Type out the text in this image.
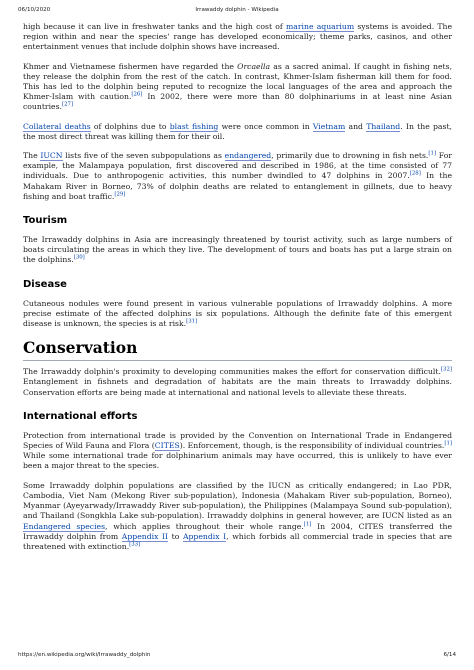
06/10/2020	Irrawaddy dolphin - Wikipedia

high because it can live in freshwater tanks and the high cost of marine aquarium systems is avoided. The region within and near the species' range has developed economically; theme parks, casinos, and other entertainment venues that include dolphin shows have increased.

Khmer and Vietnamese fishermen have regarded the Orcaella as a sacred animal. If caught in fishing nets, they release the dolphin from the rest of the catch. In contrast, Khmer-Islam fisherman kill them for food. This has led to the dolphin being reputed to recognize the local languages of the area and approach the Khmer-Islam with caution.[26] In 2002, there were more than 80 dolphinariums in at least nine Asian countries.[27]

Collateral deaths of dolphins due to blast fishing were once common in Vietnam and Thailand. In the past, the most direct threat was killing them for their oil.

The IUCN lists five of the seven subpopulations as endangered, primarily due to drowning in fish nets.[1] For example, the Malampaya population, first discovered and described in 1986, at the time consisted of 77 individuals. Due to anthropogenic activities, this number dwindled to 47 dolphins in 2007.[28] In the Mahakam River in Borneo, 73% of dolphin deaths are related to entanglement in gillnets, due to heavy fishing and boat traffic.[29]

Tourism

The Irrawaddy dolphins in Asia are increasingly threatened by tourist activity, such as large numbers of boats circulating the areas in which they live. The development of tours and boats has put a large strain on the dolphins.[30]

Disease

Cutaneous nodules were found present in various vulnerable populations of Irrawaddy dolphins. A more precise estimate of the affected dolphins is six populations. Although the definite fate of this emergent disease is unknown, the species is at risk.[31]

Conservation

The Irrawaddy dolphin's proximity to developing communities makes the effort for conservation difficult.[32] Entanglement in fishnets and degradation of habitats are the main threats to Irrawaddy dolphins. Conservation efforts are being made at international and national levels to alleviate these threats.

International efforts

Protection from international trade is provided by the Convention on International Trade in Endangered Species of Wild Fauna and Flora (CITES). Enforcement, though, is the responsibility of individual countries.[1] While some international trade for dolphinarium animals may have occurred, this is unlikely to have ever been a major threat to the species.

Some Irrawaddy dolphin populations are classified by the IUCN as critically endangered; in Lao PDR, Cambodia, Viet Nam (Mekong River sub-population), Indonesia (Mahakam River sub-population, Borneo), Myanmar (Ayeyarwady/Irrawaddy River sub-population), the Philippines (Malampaya Sound sub-population), and Thailand (Songkhla Lake sub-population). Irrawaddy dolphins in general however, are IUCN listed as an Endangered species, which applies throughout their whole range.[1] In 2004, CITES transferred the Irrawaddy dolphin from Appendix II to Appendix I, which forbids all commercial trade in species that are threatened with extinction.[33]

https://en.wikipedia.org/wiki/Irrawaddy_dolphin	6/14
